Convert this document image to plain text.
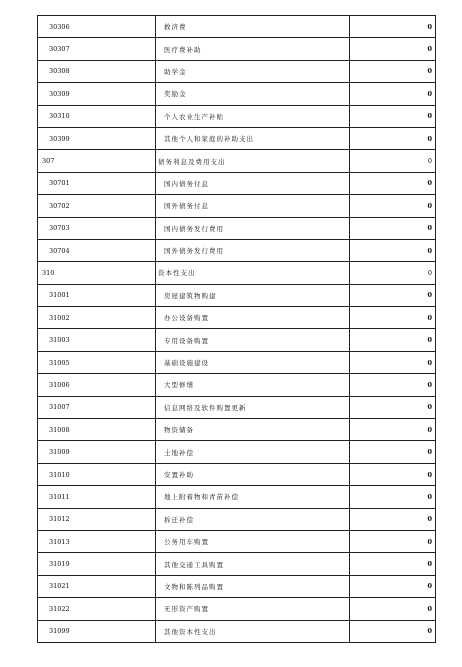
30306	救济费	0
30307	医疗费补助	0
30308	助学金	0
30309	奖励金	0
30310	个人农业生产补贴	0
30399	其他个人和家庭的补助支出	0
307	债务利息及费用支出	0
30701	国内债务付息	0
30702	国外债务付息	0
30703	国内债务发行费用	0
30704	国外债务发行费用	0
310	资本性支出	0
31001	房屋建筑物购建	0
31002	办公设备购置	0
31003	专用设备购置	0
31005	基础设施建设	0
31006	大型修缮	0
31007	信息网络及软件购置更新	0
31008	物资储备	0
31009	土地补偿	0
31010	安置补助	0
31011	地上附着物和青苗补偿	0
31012	拆迁补偿	0
31013	公务用车购置	0
31019	其他交通工具购置	0
31021	文物和陈列品购置	0
31022	无形资产购置	0
31099	其他资本性支出	0
